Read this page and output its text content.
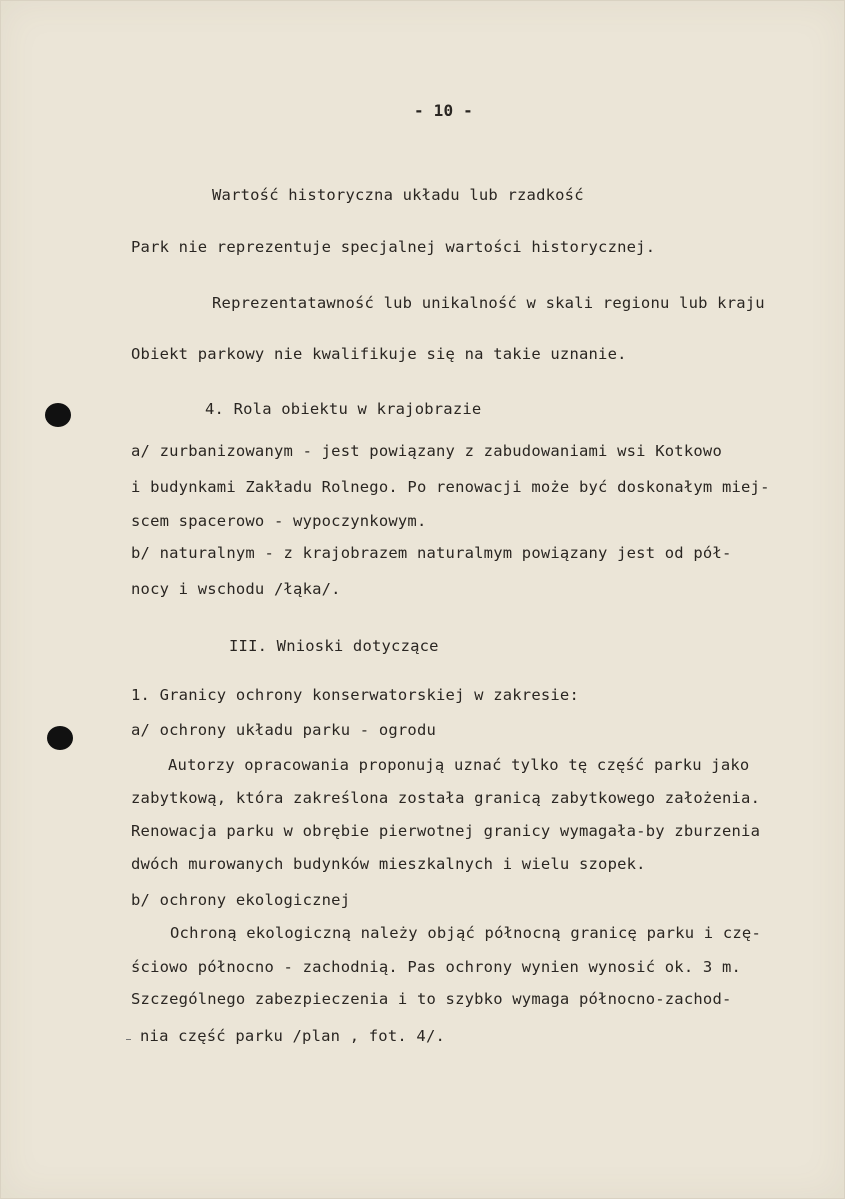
- 10 -
Wartość historyczna układu lub rzadkość
Park nie reprezentuje specjalnej wartości historycznej.
Reprezentatawność lub unikalność w skali regionu lub kraju
Obiekt parkowy nie kwalifikuje się na takie uznanie.
4. Rola obiektu w krajobrazie
a/ zurbanizowanym - jest powiązany z zabudowaniami wsi Kotkowo
i budynkami Zakładu Rolnego. Po renowacji może być doskonałym miej-
scem spacerowo - wypoczynkowym.
b/ naturalnym - z krajobrazem naturalmym powiązany jest od pół-
nocy i wschodu /łąka/.
III. Wnioski dotyczące
1. Granicy ochrony konserwatorskiej w zakresie:
a/ ochrony układu parku - ogrodu
Autorzy opracowania proponują uznać tylko tę część parku jako
zabytkową, która zakreślona została granicą zabytkowego założenia.
Renowacja parku w obrębie pierwotnej granicy wymagała-by zburzenia
dwóch murowanych budynków mieszkalnych i wielu szopek.
b/ ochrony ekologicznej
Ochroną ekologiczną należy objąć północną granicę parku i czę-
ściowo północno - zachodnią. Pas ochrony wynien wynosić ok. 3 m.
Szczególnego zabezpieczenia i to szybko wymaga północno-zachod-
nia część parku /plan , fot. 4/.
